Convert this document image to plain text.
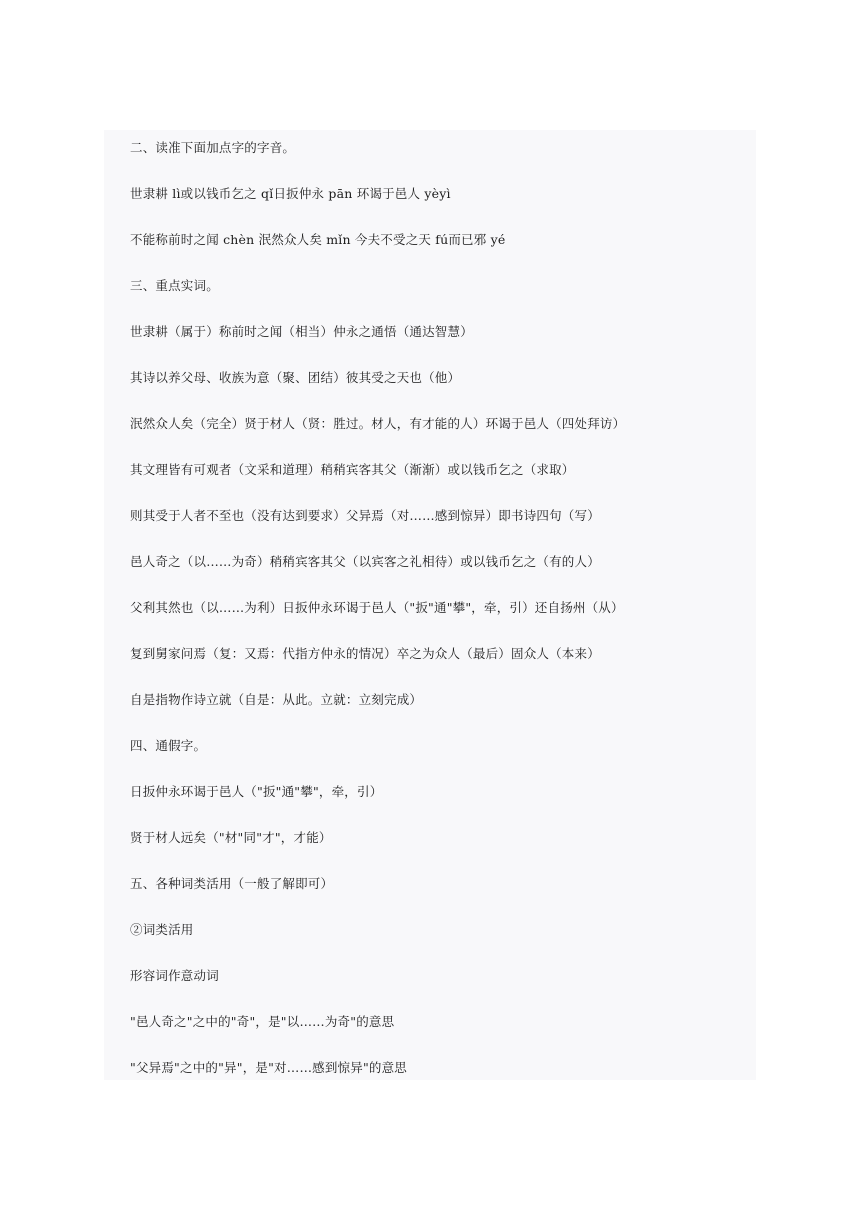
二、读准下面加点字的字音。
世隶耕 lì或以钱币乞之 qǐ日扳仲永 pān 环谒于邑人 yèyì
不能称前时之闻 chèn 泯然众人矣 mǐn 今夫不受之天 fú而已邪 yé
三、重点实词。
世隶耕（属于）称前时之闻（相当）仲永之通悟（通达智慧）
其诗以养父母、收族为意（聚、团结）彼其受之天也（他）
泯然众人矣（完全）贤于材人（贤：胜过。材人，有才能的人）环谒于邑人（四处拜访）
其文理皆有可观者（文采和道理）稍稍宾客其父（渐渐）或以钱币乞之（求取）
则其受于人者不至也（没有达到要求）父异焉（对……感到惊异）即书诗四句（写）
邑人奇之（以……为奇）稍稍宾客其父（以宾客之礼相待）或以钱币乞之（有的人）
父利其然也（以……为利）日扳仲永环谒于邑人（"扳"通"攀"，牵，引）还自扬州（从）
复到舅家问焉（复：又焉：代指方仲永的情况）卒之为众人（最后）固众人（本来）
自是指物作诗立就（自是：从此。立就：立刻完成）
四、通假字。
日扳仲永环谒于邑人（"扳"通"攀"，牵，引）
贤于材人远矣（"材"同"才"，才能）
五、各种词类活用（一般了解即可）
②词类活用
形容词作意动词
"邑人奇之"之中的"奇"，是"以……为奇"的意思
"父异焉"之中的"异"，是"对……感到惊异"的意思
